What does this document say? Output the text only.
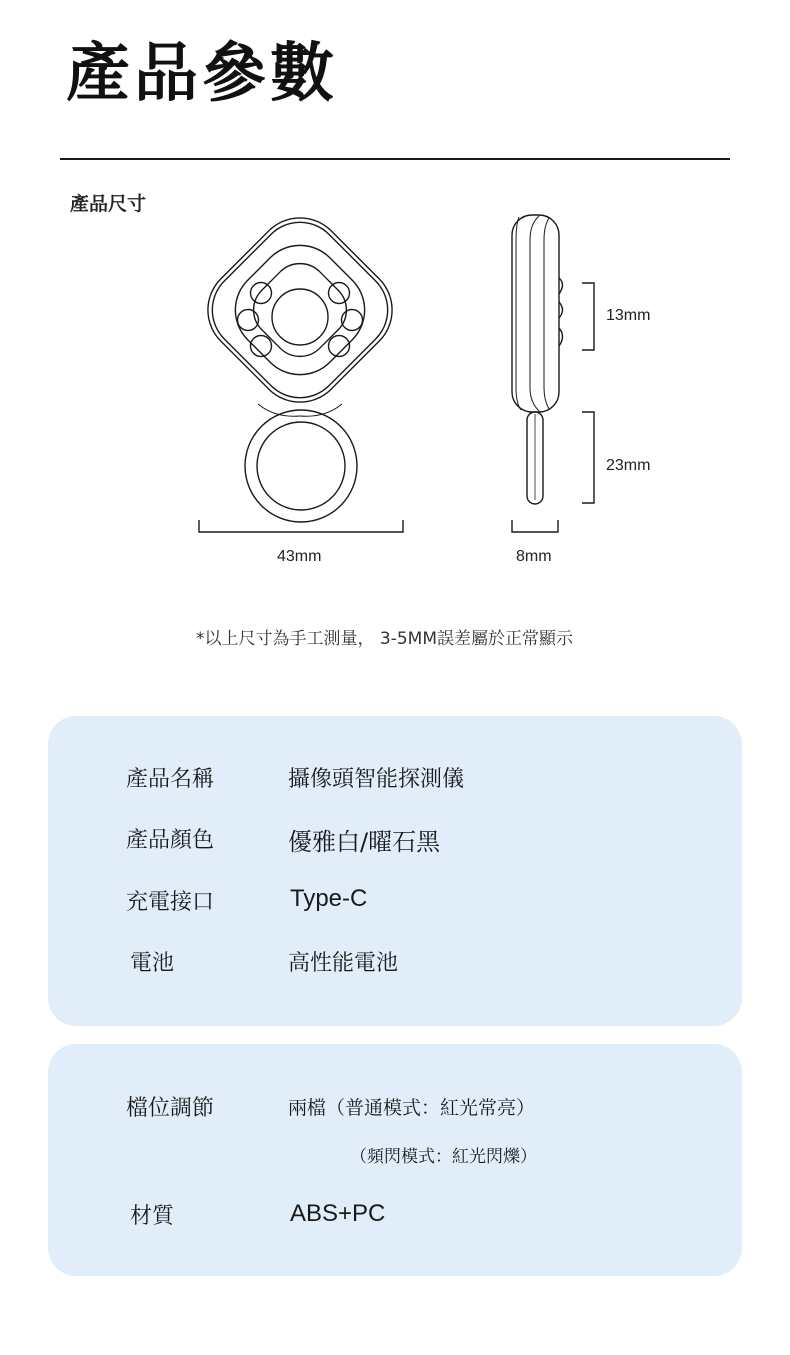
產品參數
產品尺寸
43mm	8mm
13mm
23mm
*以上尺寸為手工測量， 3-5MM誤差屬於正常顯示
產品名稱	攝像頭智能探測儀
產品顏色	優雅白/曜石黑
充電接口	Type-C
電池	高性能電池
檔位調節	兩檔（普通模式：紅光常亮）
（頻閃模式：紅光閃爍）
材質	ABS+PC
